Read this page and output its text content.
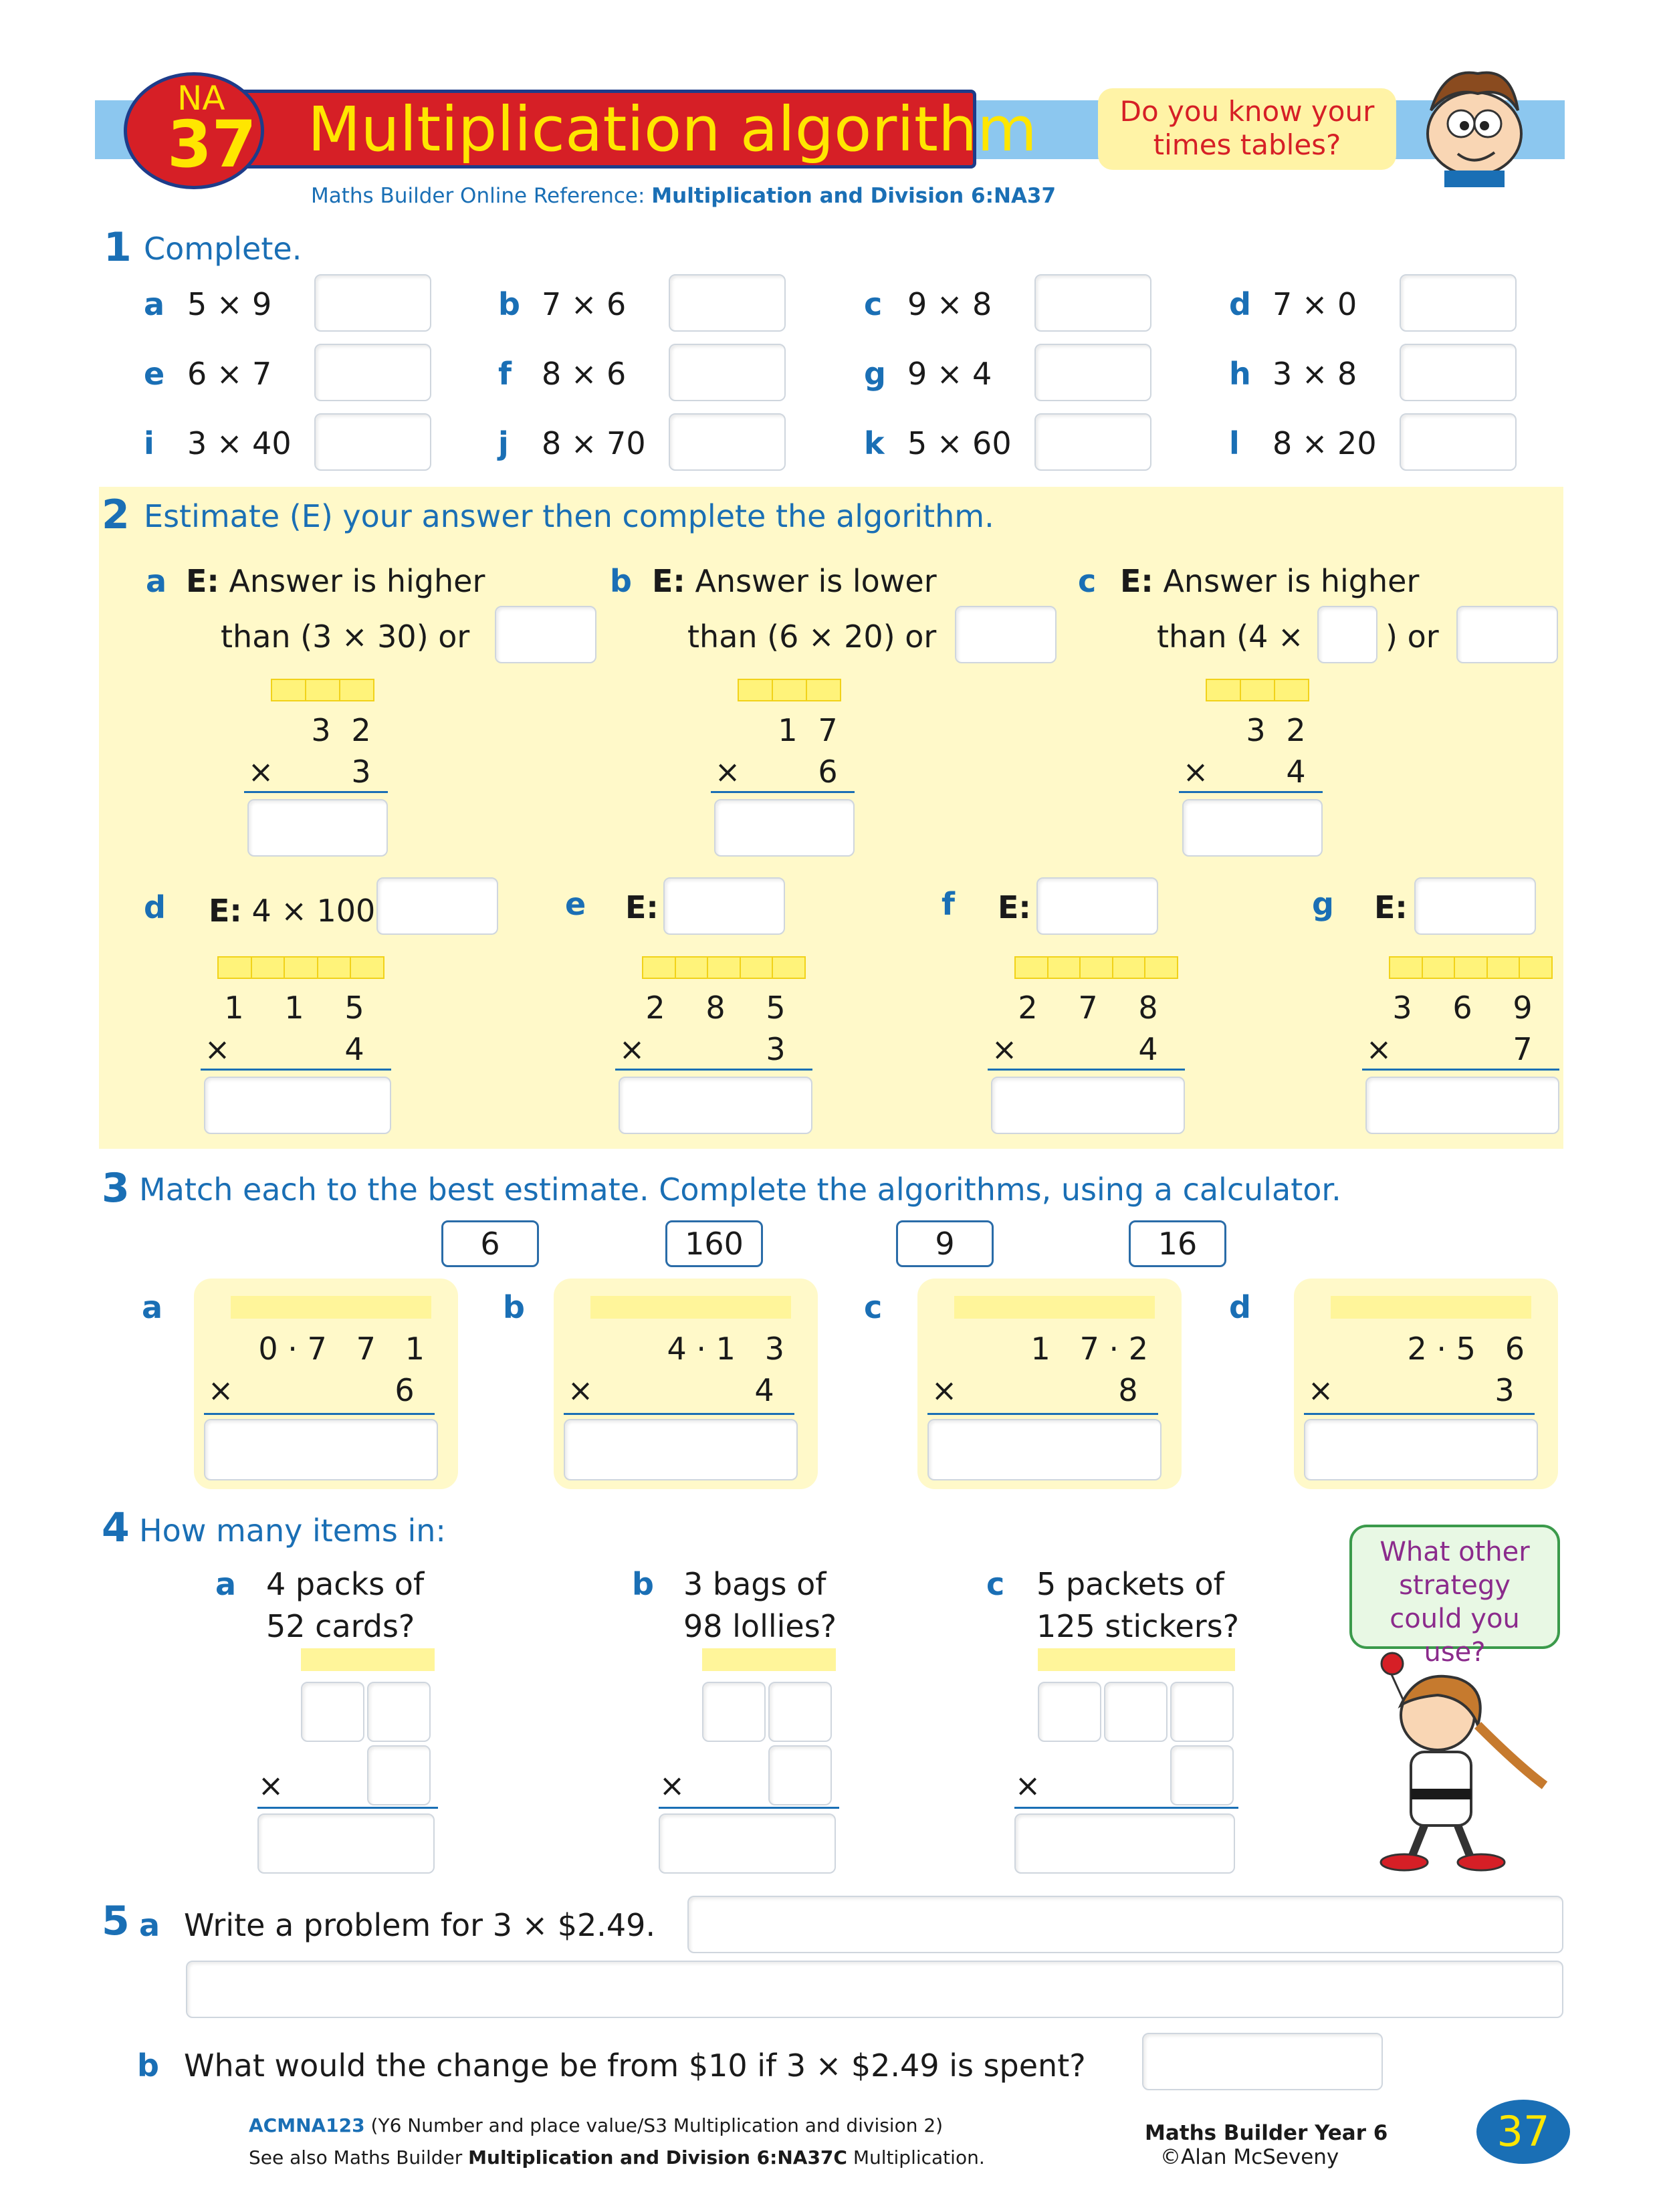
Multiplication algorithm
NA
37	Do you know your times tables?
Maths Builder Online Reference: Multiplication and Division 6:NA37
1 Complete.
a 5 × 9	b 7 × 6	c 9 × 8	d 7 × 0
e 6 × 7	f 8 × 6	g 9 × 4	h 3 × 8
i 3 × 40	j 8 × 70	k 5 × 60	l 8 × 20
2 Estimate (E) your answer then complete the algorithm.
a E: Answer is higher
than (3 × 30) or
b E: Answer is lower
than (6 × 20) or
c E: Answer is higher
than (4 ×	) or
d E: 4 × 100	e E:	f E:	g E:
3 2
×	3
1 7
×	6
3 2
×	4
1	1	5
×	4
2	8	5
×	3
2	7	8
×	4
3	6	9
×	7
3 Match each to the best estimate. Complete the algorithms, using a calculator.
6	160	9	16
a
0 · 7   7   1
×	6
b
4 · 1   3
×	4
c
1   7 · 2
×	8
d
2 · 5   6
×	3
4 How many items in:
a 4 packs of
52 cards?
b 3 bags of
98 lollies?
c 5 packets of
125 stickers?
×	×	×
What other strategy could you use?
5 a Write a problem for 3 × $2.49.
b What would the change be from $10 if 3 × $2.49 is spent?
ACMNA123 (Y6 Number and place value/S3 Multiplication and division 2)
See also Maths Builder Multiplication and Division 6:NA37C Multiplication.
Maths Builder Year 6
©Alan McSeveny
37
